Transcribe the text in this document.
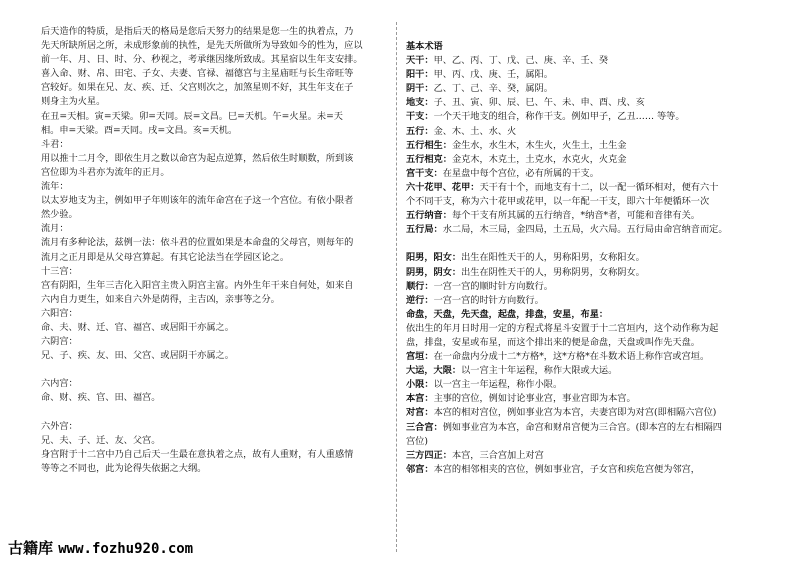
后天造作的特质，是指后天的格局是您后天努力的结果是您一生的执着点，乃
先天所缺所居之所，未成形象前的执性，是先天所做所为导致如今的性为，应以
前一年、月、日、时、分、秒视之，考承继因缘所致成。其星宿以生年支安排。
喜入命、财、帛、田宅、子女、夫妻、官禄、福德宫与主星庙旺与长生帝旺等
宫较好。如果在兄、友、疾、迁、父宫则次之，加煞星则不好，其生年支在子
则身主为火星。
在丑=天相。寅=天梁。卯=天同。辰=文昌。巳=天机。午=火星。未=天
相。申=天梁。酉=天同。戌=文昌。亥=天机。
斗君：
用以推十二月令，即依生月之数以命宫为起点逆算，然后依生时顺数，所到该
宫位即为斗君亦为流年的正月。
流年：
以太岁地支为主，例如甲子年则该年的流年命宫在子这一个宫位。有依小限者
然少验。
流月：
流月有多种论法，兹例一法：依斗君的位置如果是本命盘的父母宫，则每年的
流月之正月即是从父母宫算起。有其它论法当在学园区论之。
十三宫：
宫有阴阳，生年三吉化入阳宫主贵入阴宫主富。内外生年干来自何处，如来自
六内自力更生，如来自六外是荫得，主吉凶，亲事等之分。
六阳宫：
命、夫、财、迁、官、福宫、或居阳干亦属之。
六阴宫：
兄、子、疾、友、田、父宫、或居阴干亦属之。
六内宫：
命、财、疾、官、田、福宫。
六外宫：
兄、夫、子、迁、友、父宫。
身宫附于十二宫中乃自己后天一生最在意执着之点，故有人重财，有人重感情
等等之不同也，此为论得失依据之大纲。
基本术语
天干：甲、乙、丙、丁、戊、己、庚、辛、壬、癸
阳干：甲、丙、戊、庚、壬，属阳。
阴干：乙、丁、己、辛、癸，属阴。
地支：子、丑、寅、卯、辰、巳、午、未、申、酉、戌、亥
干支：一个天干地支的组合，称作干支。例如甲子，乙丑…… 等等。
五行：金、木、土、水、火
五行相生：金生水，水生木，木生火，火生土，土生金
五行相克：金克木，木克土，土克水，水克火，火克金
宫干支：在星盘中每个宫位，必有所属的干支。
六十花甲、花甲：天干有十个，而地支有十二，以一配一循环相对，便有六十
个不同干支，称为六十花甲或花甲，以一年配一干支，即六十年便循环一次
五行纳音：每个干支有所其属的五行纳音，*纳音*者，可能和音律有关。
五行局：水二局，木三局，金四局，土五局，火六局。五行局由命宫纳音而定。
阳男，阳女：出生在阳性天干的人，男称阳男，女称阳女。
阴男，阴女：出生在阴性天干的人，男称阴男，女称阴女。
顺行：一宫一宫的顺时针方向数行。
逆行：一宫一宫的时针方向数行。
命盘，天盘，先天盘，起盘，排盘，安星，布星：
依出生的年月日时用一定的方程式将星斗安置于十二宫垣内，这个动作称为起
盘，排盘，安星或布星，而这个排出来的便是命盘，天盘或叫作先天盘。
宫垣：在一命盘内分成十二*方格*，这*方格*在斗数术语上称作宫或宫垣。
大运，大限：以一宫主十年运程，称作大限或大运。
小限：以一宫主一年运程，称作小限。
本宫：主事的宫位，例如讨论事业宫，事业宫即为本宫。
对宫：本宫的相对宫位，例如事业宫为本宫，夫妻宫即为对宫(即相隔六宫位)
三合宫：例如事业宫为本宫，命宫和财帛宫便为三合宫。(即本宫的左右相隔四
宫位)
三方四正：本宫，三合宫加上对宫
邻宫：本宫的相邻相夹的宫位，例如事业宫，子女宫和疾危宫便为邻宫，
古籍库 www.fozhu920.com
